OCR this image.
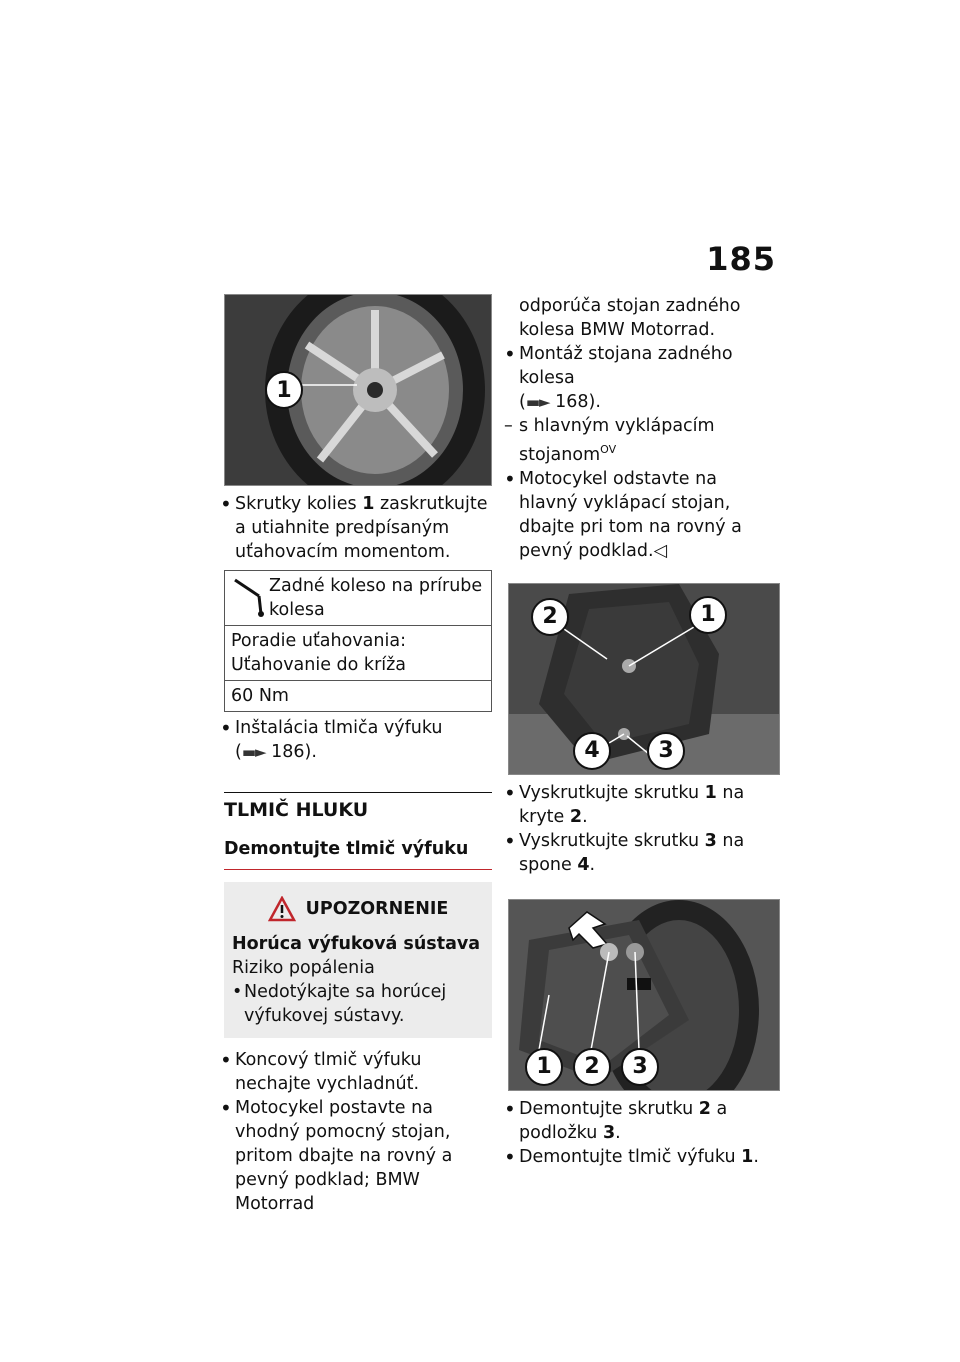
185
1

• Skrutky kolies 1 zaskrutkujte a utiahnite predpísaným uťahovacím momentom.

Zadné koleso na prírube kolesa
Poradie uťahovania: Uťahovanie do kríža
60 Nm

• Inštalácia tlmiča výfuku
(▬► 186).

TLMIČ HLUKU
Demontujte tlmič výfuku
UPOZORNENIE
Horúca výfuková sústava
Riziko popálenia

• Nedotýkajte sa horúcej výfukovej sústavy.

• Koncový tlmič výfuku nechajte vychladnúť.

• Motocykel postavte na vhodný pomocný stojan, pritom dbajte na rovný a pevný podklad; BMW Motorrad

odporúča stojan zadného kolesa BMW Motorrad.

• Montáž stojana zadného kolesa
(▬► 168).

– s hlavným vyklápacím stojanom$^{OV}$

• Motocykel odstavte na hlavný vyklápací stojan, dbajte pri tom na rovný a pevný podklad.◁

2	1
4	3

• Vyskrutkujte skrutku 1 na kryte 2.

• Vyskrutkujte skrutku 3 na spone 4.

1	2	3

• Demontujte skrutku 2 a podložku 3.

• Demontujte tlmič výfuku 1.
